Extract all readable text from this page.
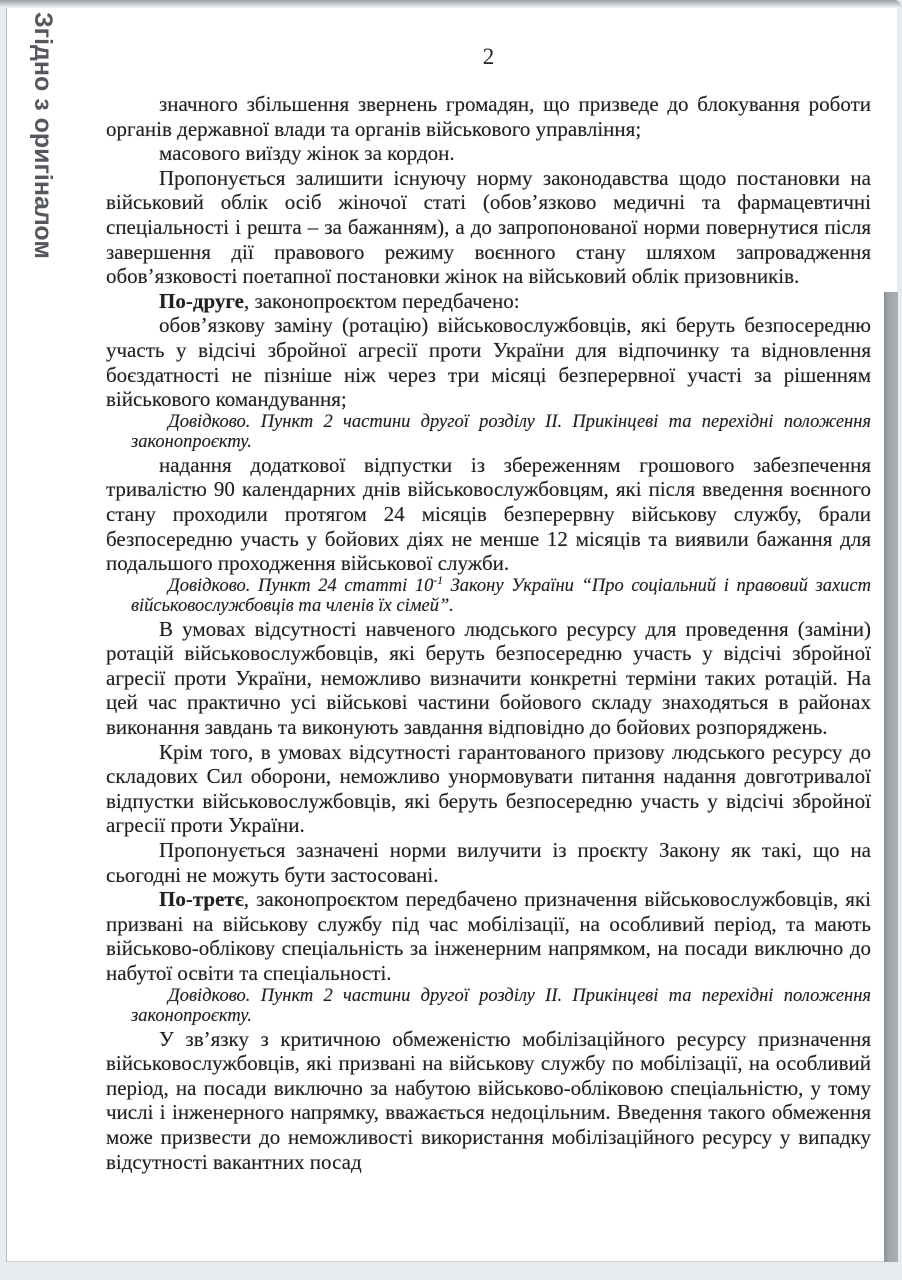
2

значного збільшення звернень громадян, що призведе до блокування роботи органів державної влади та органів військового управління;

масового виїзду жінок за кордон.

Пропонується залишити існуючу норму законодавства щодо постановки на військовий облік осіб жіночої статі (обов’язково медичні та фармацевтичні спеціальності і решта – за бажанням), а до запропонованої норми повернутися після завершення дії правового режиму воєнного стану шляхом запровадження обов’язковості поетапної постановки жінок на військовий облік призовників.

По-друге, законопроєктом передбачено:

обов’язкову заміну (ротацію) військовослужбовців, які беруть безпосередню участь у відсічі збройної агресії проти України для відпочинку та відновлення боєздатності не пізніше ніж через три місяці безперервної участі за рішенням військового командування;

Довідково. Пункт 2 частини другої розділу ІІ. Прикінцеві та перехідні положення законопроєкту.

надання додаткової відпустки із збереженням грошового забезпечення тривалістю 90 календарних днів військовослужбовцям, які після введення воєнного стану проходили протягом 24 місяців безперервну військову службу, брали безпосередню участь у бойових діях не менше 12 місяців та виявили бажання для подальшого проходження військової служби.

Довідково. Пункт 24 статті $10^{-1}$ Закону України “Про соціальний і правовий захист військовослужбовців та членів їх сімей”.

В умовах відсутності навченого людського ресурсу для проведення (заміни) ротацій військовослужбовців, які беруть безпосередню участь у відсічі збройної агресії проти України, неможливо визначити конкретні терміни таких ротацій. На цей час практично усі військові частини бойового складу знаходяться в районах виконання завдань та виконують завдання відповідно до бойових розпоряджень.

Крім того, в умовах відсутності гарантованого призову людського ресурсу до складових Сил оборони, неможливо унормовувати питання надання довготривалої відпустки військовослужбовців, які беруть безпосередню участь у відсічі збройної агресії проти України.

Пропонується зазначені норми вилучити із проєкту Закону як такі, що на сьогодні не можуть бути застосовані.

По-третє, законопроєктом передбачено призначення військовослужбовців, які призвані на військову службу під час мобілізації, на особливий період, та мають військово-облікову спеціальність за інженерним напрямком, на посади виключно до набутої освіти та спеціальності.

Довідково. Пункт 2 частини другої розділу ІІ. Прикінцеві та перехідні положення законопроєкту.

У зв’язку з критичною обмеженістю мобілізаційного ресурсу призначення військовослужбовців, які призвані на військову службу по мобілізації, на особливий період, на посади виключно за набутою військово-обліковою спеціальністю, у тому числі і інженерного напрямку, вважається недоцільним. Введення такого обмеження може призвести до неможливості використання мобілізаційного ресурсу у випадку відсутності вакантних посад

Згідно з оригіналом
